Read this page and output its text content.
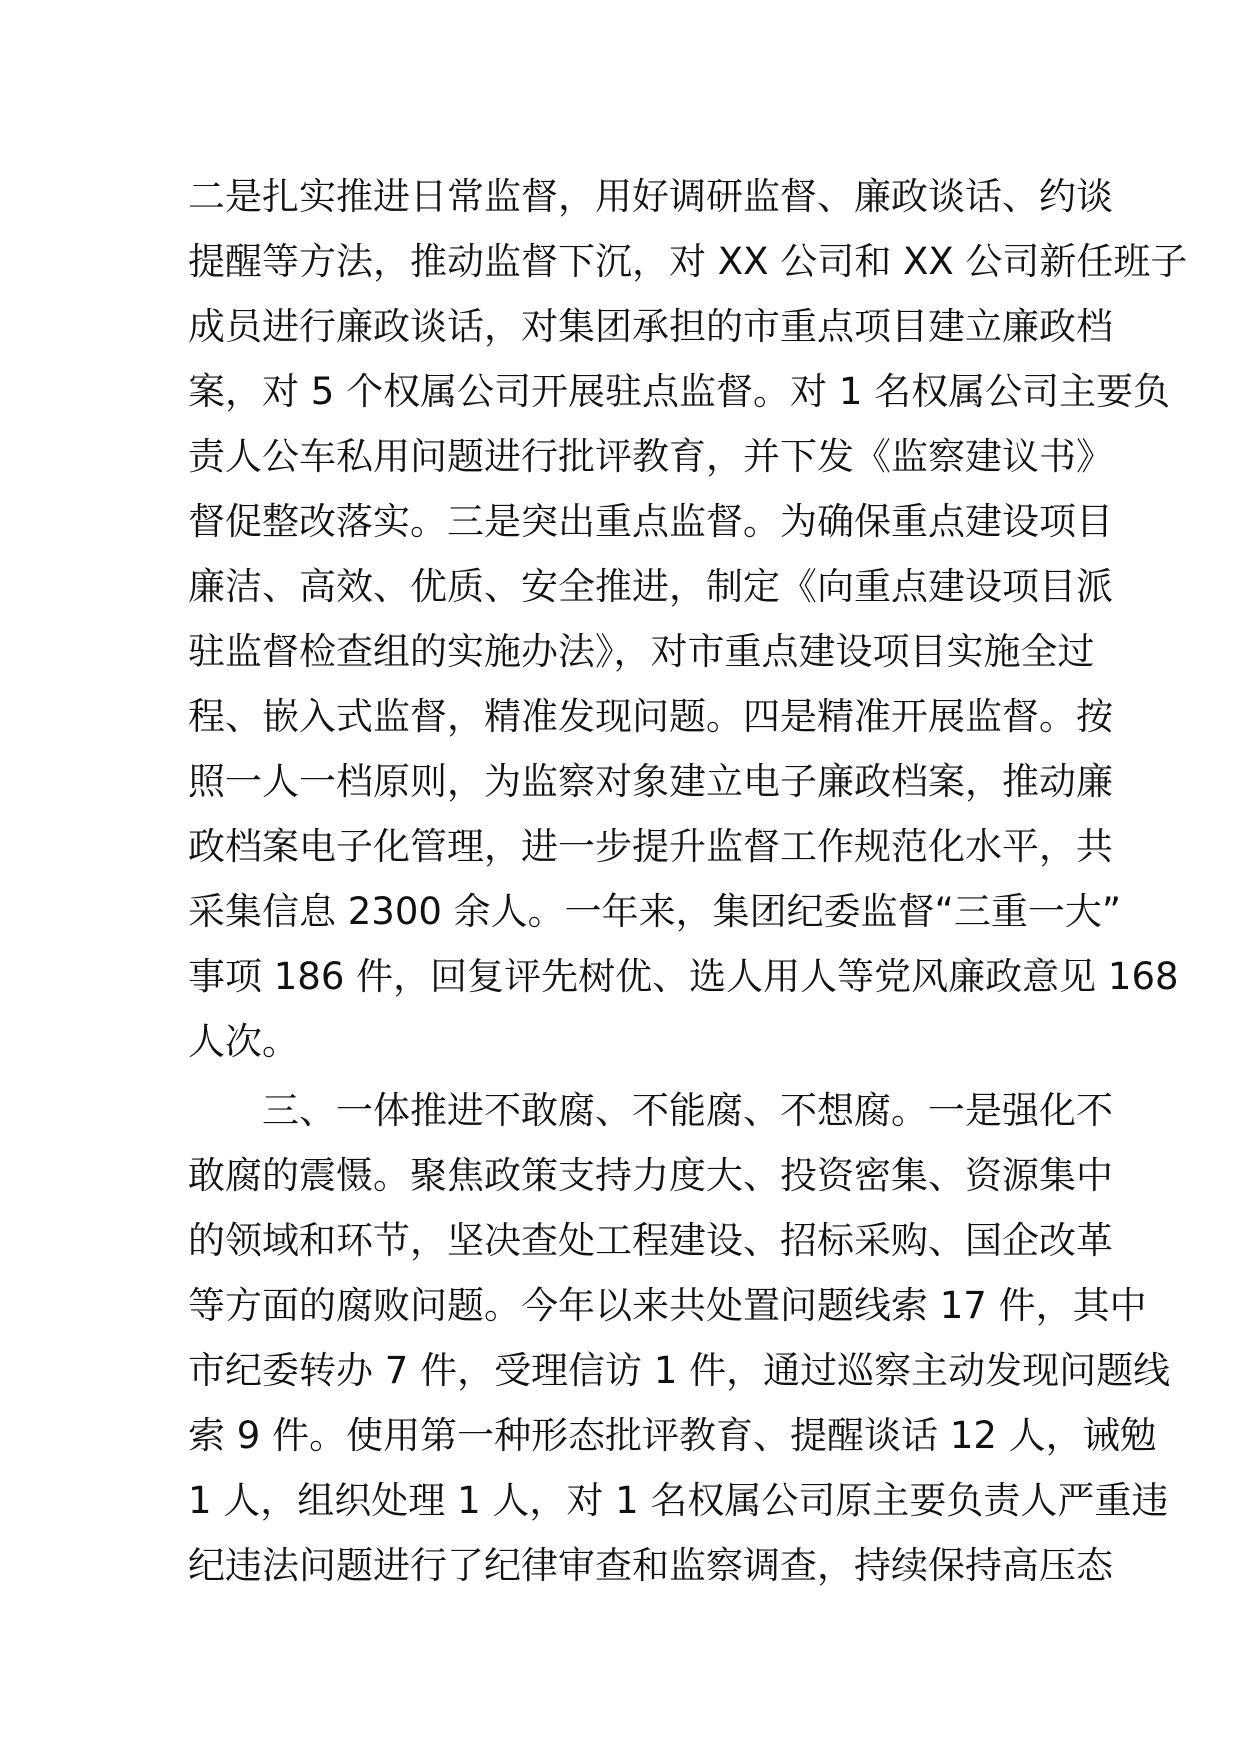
二是扎实推进日常监督，用好调研监督、廉政谈话、约谈
提醒等方法，推动监督下沉，对 XX 公司和 XX 公司新任班子
成员进行廉政谈话，对集团承担的市重点项目建立廉政档
案，对 5 个权属公司开展驻点监督。对 1 名权属公司主要负
责人公车私用问题进行批评教育，并下发《监察建议书》
督促整改落实。三是突出重点监督。为确保重点建设项目
廉洁、高效、优质、安全推进，制定《向重点建设项目派
驻监督检查组的实施办法》，对市重点建设项目实施全过
程、嵌入式监督，精准发现问题。四是精准开展监督。按
照一人一档原则，为监察对象建立电子廉政档案，推动廉
政档案电子化管理，进一步提升监督工作规范化水平，共
采集信息 2300 余人。一年来，集团纪委监督“三重一大”
事项 186 件，回复评先树优、选人用人等党风廉政意见 168
人次。
三、一体推进不敢腐、不能腐、不想腐。一是强化不
敢腐的震慑。聚焦政策支持力度大、投资密集、资源集中
的领域和环节，坚决查处工程建设、招标采购、国企改革
等方面的腐败问题。今年以来共处置问题线索 17 件，其中
市纪委转办 7 件，受理信访 1 件，通过巡察主动发现问题线
索 9 件。使用第一种形态批评教育、提醒谈话 12 人，诫勉
1 人，组织处理 1 人，对 1 名权属公司原主要负责人严重违
纪违法问题进行了纪律审查和监察调查，持续保持高压态
